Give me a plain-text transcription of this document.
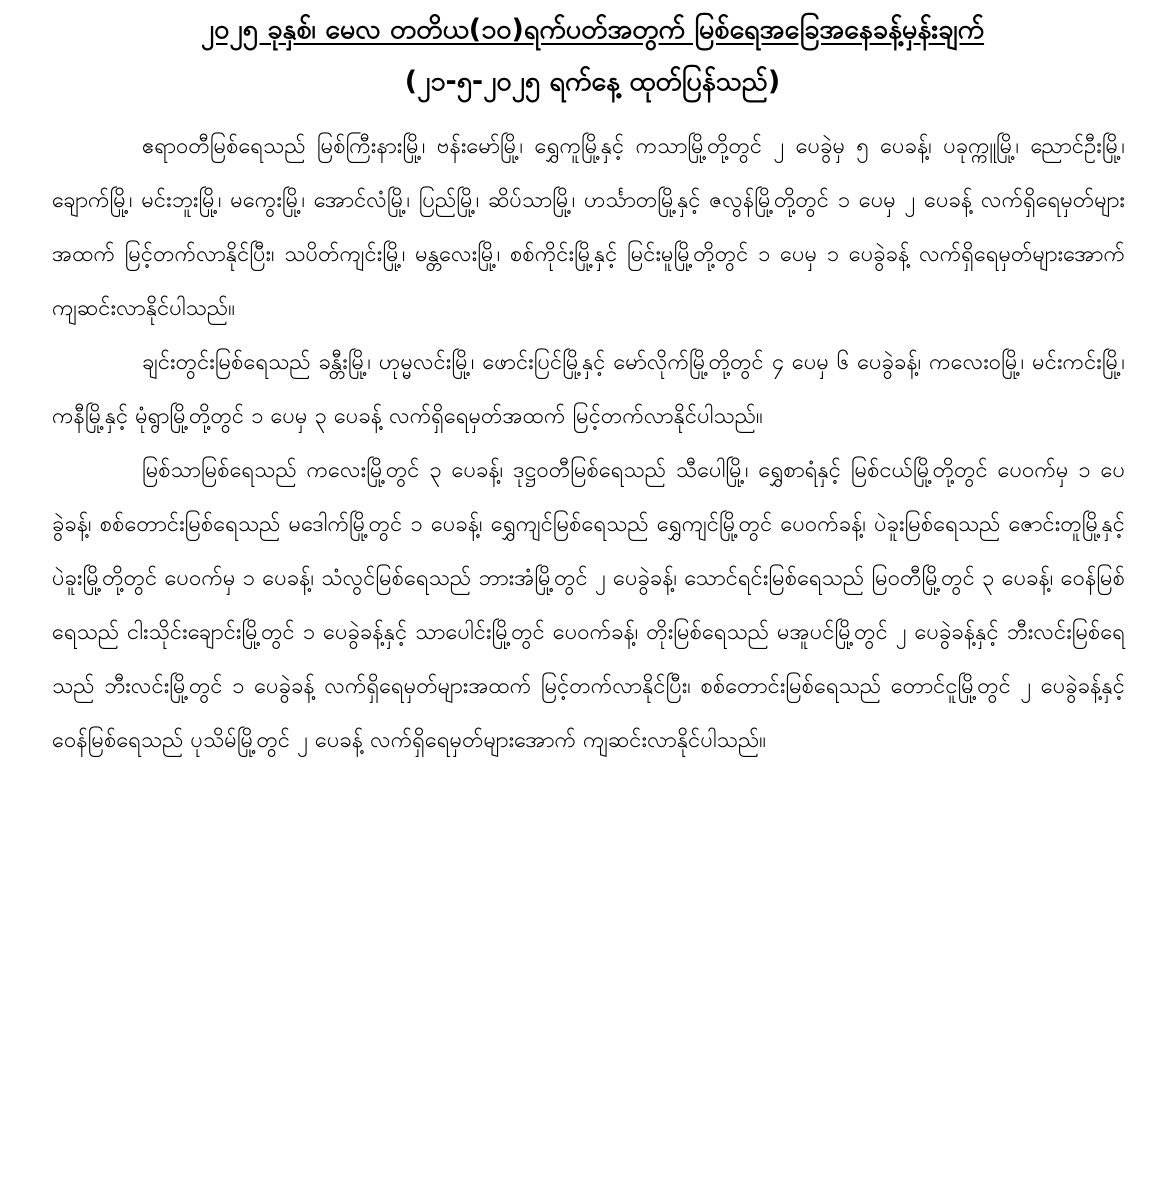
၂၀၂၅ ခုနှစ်၊ မေလ တတိယ(၁၀)ရက်ပတ်အတွက် မြစ်ရေအခြေအနေခန့်မှန်းချက်
(၂၁-၅-၂၀၂၅ ရက်နေ့ ထုတ်ပြန်သည်)

ဧရာဝတီမြစ်ရေသည် မြစ်ကြီးနားမြို့၊ ဗန်းမော်မြို့၊ ရွှေကူမြို့နှင့် ကသာမြို့တို့တွင် ၂ ပေခွဲမှ ၅ ပေခန့်၊ ပခုက္ကူမြို့၊ ညောင်ဦးမြို့၊ ချောက်မြို့၊ မင်းဘူးမြို့၊ မကွေးမြို့၊ အောင်လံမြို့၊ ပြည်မြို့၊ ဆိပ်သာမြို့၊ ဟင်္သာတမြို့နှင့် ဇလွန်မြို့တို့တွင် ၁ ပေမှ ၂ ပေခန့် လက်ရှိရေမှတ်များအထက် မြင့်တက်လာနိုင်ပြီး၊ သပိတ်ကျင်းမြို့၊ မန္တလေးမြို့၊ စစ်ကိုင်းမြို့နှင့် မြင်းမူမြို့တို့တွင် ၁ ပေမှ ၁ ပေခွဲခန့် လက်ရှိရေမှတ်များအောက် ကျဆင်းလာနိုင်ပါသည်။

ချင်းတွင်းမြစ်ရေသည် ခန္တီးမြို့၊ ဟုမ္မလင်းမြို့၊ ဖောင်းပြင်မြို့နှင့် မော်လိုက်မြို့တို့တွင် ၄ ပေမှ ၆ ပေခွဲခန့်၊ ကလေးဝမြို့၊ မင်းကင်းမြို့၊ ကနီမြို့နှင့် မုံရွာမြို့တို့တွင် ၁ ပေမှ ၃ ပေခန့် လက်ရှိရေမှတ်အထက် မြင့်တက်လာနိုင်ပါသည်။

မြစ်သာမြစ်ရေသည် ကလေးမြို့တွင် ၃ ပေခန့်၊ ဒုဋ္ဌဝတီမြစ်ရေသည် သီပေါမြို့၊ ရွှေစာရံနှင့် မြစ်ငယ်မြို့တို့တွင် ပေဝက်မှ ၁ ပေခွဲခန့်၊ စစ်တောင်းမြစ်ရေသည် မဒေါက်မြို့တွင် ၁ ပေခန့်၊ ရွှေကျင်မြစ်ရေသည် ရွှေကျင်မြို့တွင် ပေဝက်ခန့်၊ ပဲခူးမြစ်ရေသည် ဇောင်းတူမြို့နှင့် ပဲခူးမြို့တို့တွင် ပေဝက်မှ ၁ ပေခန့်၊ သံလွင်မြစ်ရေသည် ဘားအံမြို့တွင် ၂ ပေခွဲခန့်၊ သောင်ရင်းမြစ်ရေသည် မြဝတီမြို့တွင် ၃ ပေခန့်၊ ဝေန်မြစ်ရေသည် ငါးသိုင်းချောင်းမြို့တွင် ၁ ပေခွဲခန့်နှင့် သာပေါင်းမြို့တွင် ပေဝက်ခန့်၊ တိုးမြစ်ရေသည် မအူပင်မြို့တွင် ၂ ပေခွဲခန့်နှင့် ဘီးလင်းမြစ်ရေသည် ဘီးလင်းမြို့တွင် ၁ ပေခွဲခန့် လက်ရှိရေမှတ်များအထက် မြင့်တက်လာနိုင်ပြီး၊ စစ်တောင်းမြစ်ရေသည် တောင်ငူမြို့တွင် ၂ ပေခွဲခန့်နှင့် ဝေန်မြစ်ရေသည် ပုသိမ်မြို့တွင် ၂ ပေခန့် လက်ရှိရေမှတ်များအောက် ကျဆင်းလာနိုင်ပါသည်။
